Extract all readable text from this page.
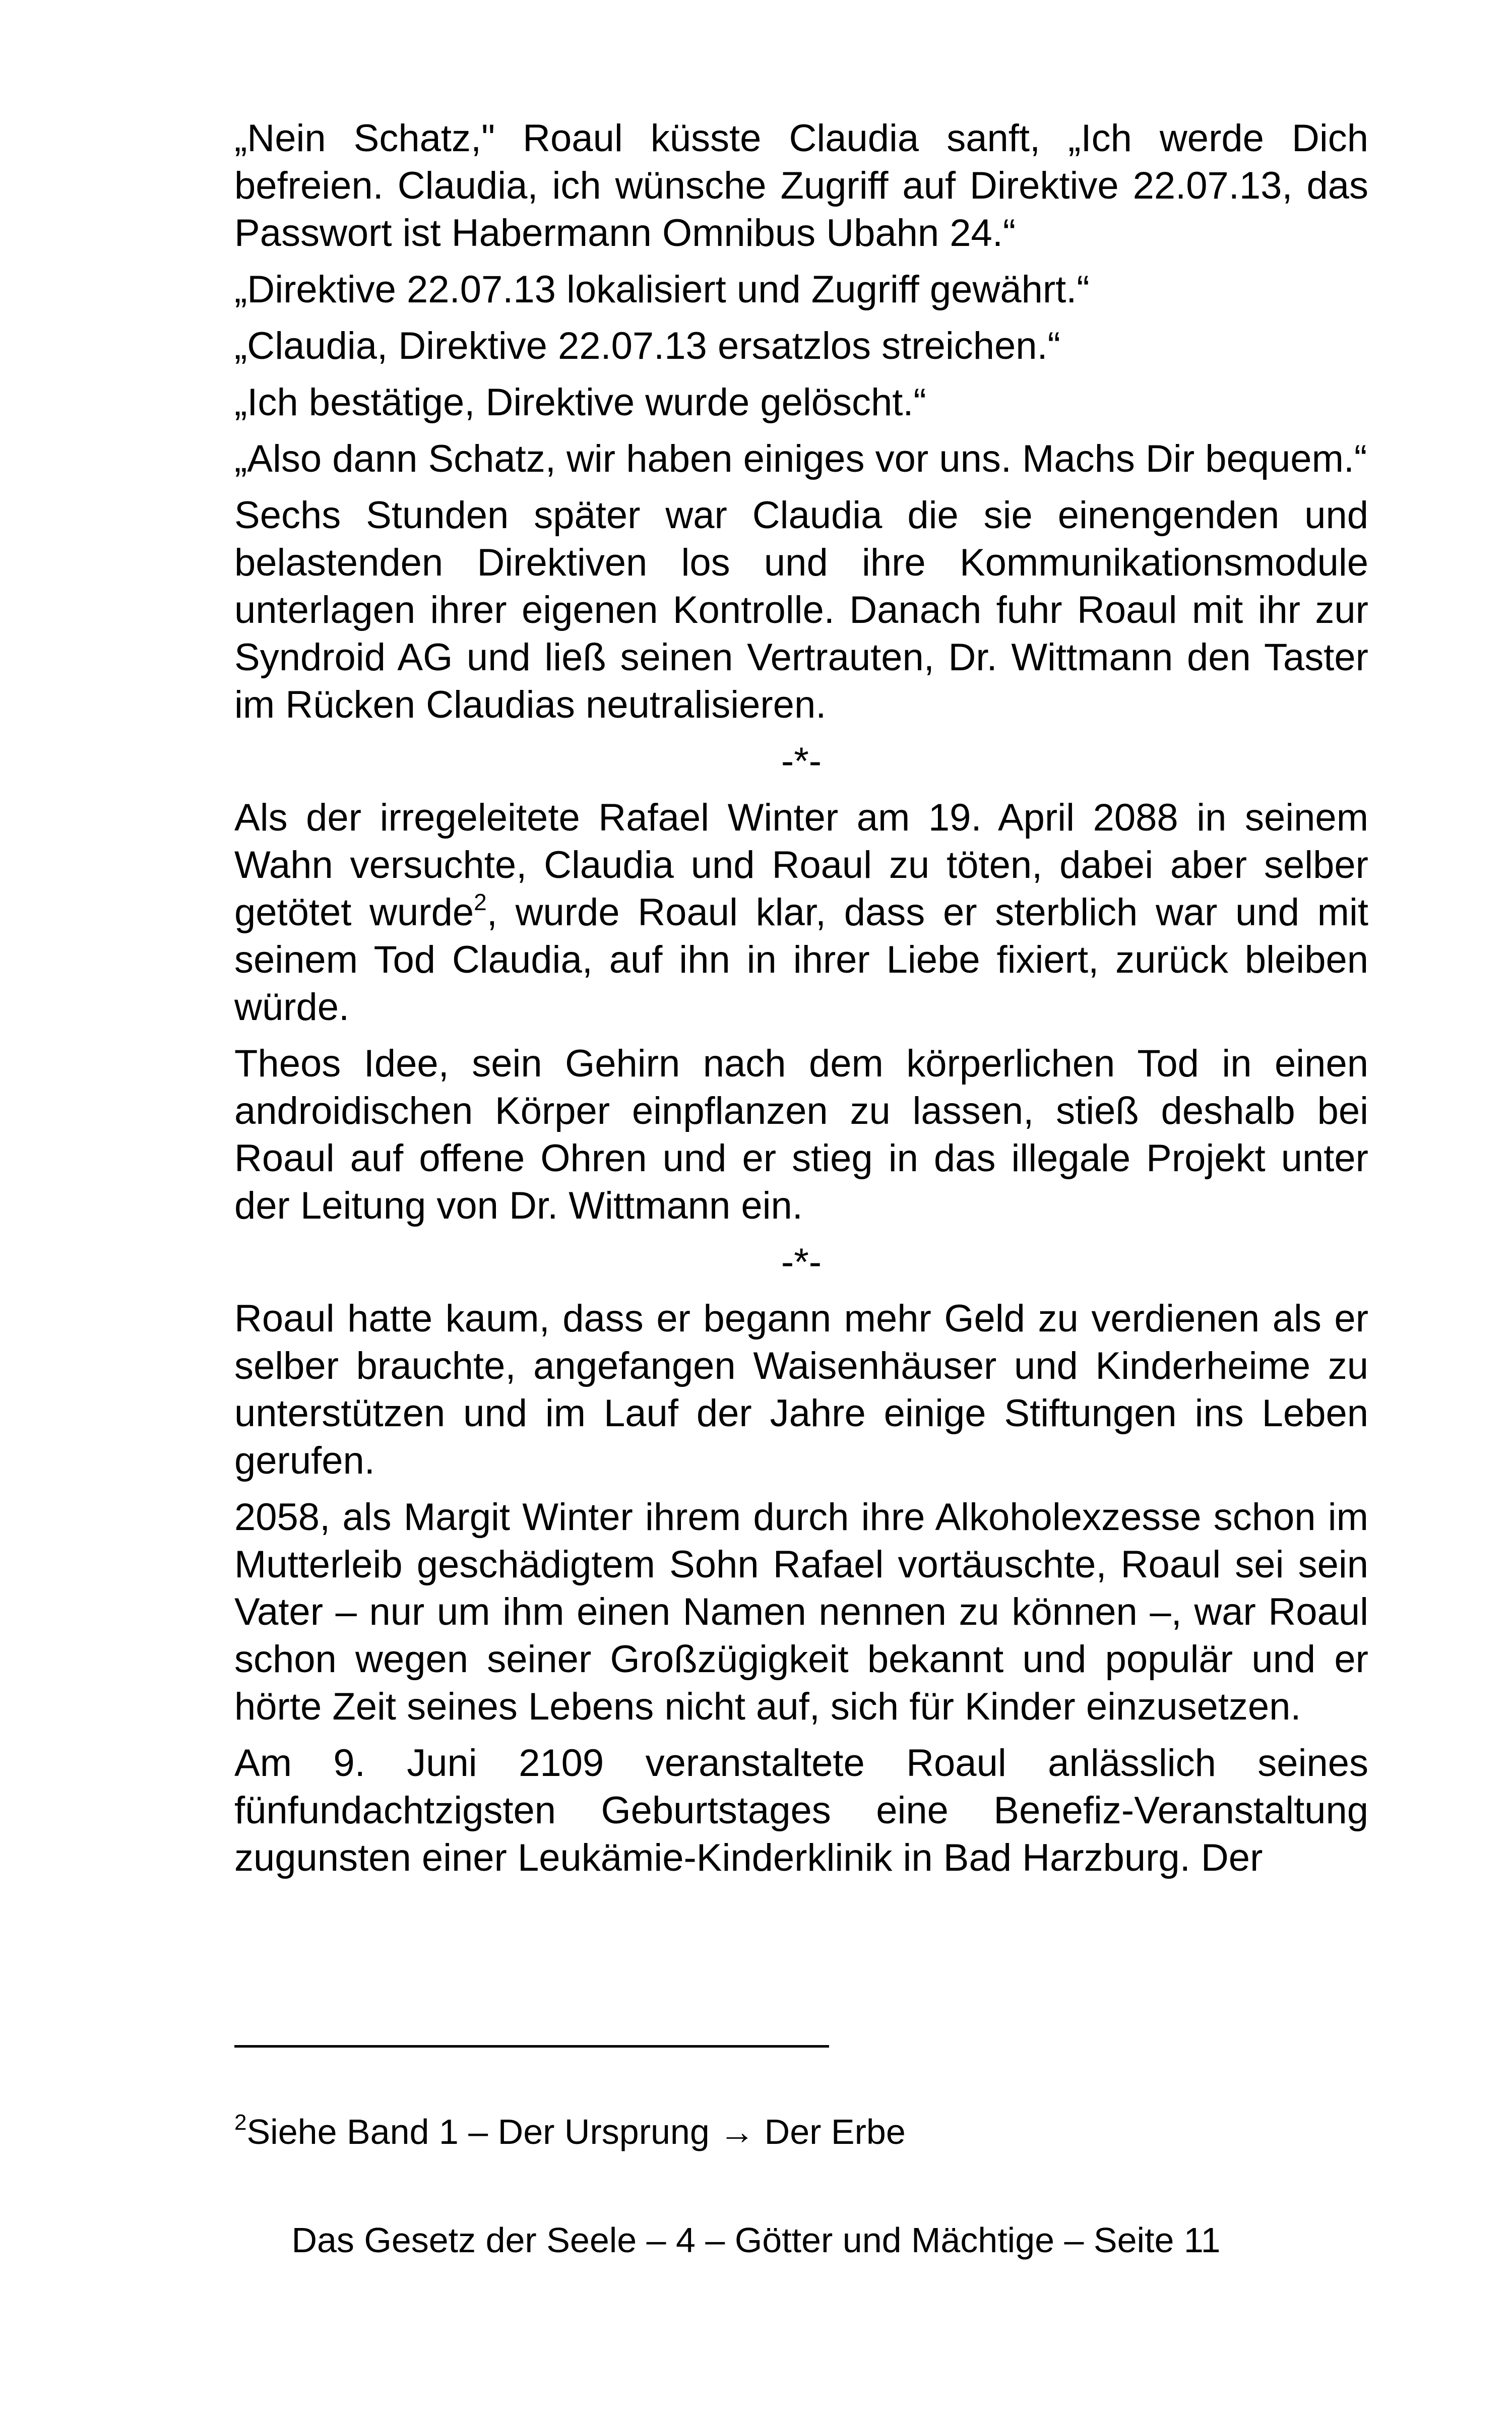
„Nein Schatz," Roaul küsste Claudia sanft, „Ich werde Dich befreien. Claudia, ich wünsche Zugriff auf Direktive 22.07.13, das Passwort ist Habermann Omnibus Ubahn 24.“

„Direktive 22.07.13 lokalisiert und Zugriff gewährt.“

„Claudia, Direktive 22.07.13 ersatzlos streichen.“

„Ich bestätige, Direktive wurde gelöscht.“

„Also dann Schatz, wir haben einiges vor uns. Machs Dir bequem.“

Sechs Stunden später war Claudia die sie einengenden und belastenden Direktiven los und ihre Kommunikationsmodule unterlagen ihrer eigenen Kontrolle. Danach fuhr Roaul mit ihr zur Syndroid AG und ließ seinen Vertrauten, Dr. Wittmann den Taster im Rücken Claudias neutralisieren.

-*-

Als der irregeleitete Rafael Winter am 19. April 2088 in seinem Wahn versuchte, Claudia und Roaul zu töten, dabei aber selber getötet wurde$^2$, wurde Roaul klar, dass er sterblich war und mit seinem Tod Claudia, auf ihn in ihrer Liebe fixiert, zurück bleiben würde.

Theos Idee, sein Gehirn nach dem körperlichen Tod in einen androidischen Körper einpflanzen zu lassen, stieß deshalb bei Roaul auf offene Ohren und er stieg in das illegale Projekt unter der Leitung von Dr. Wittmann ein.

-*-

Roaul hatte kaum, dass er begann mehr Geld zu verdienen als er selber brauchte, angefangen Waisenhäuser und Kinderheime zu unterstützen und im Lauf der Jahre einige Stiftungen ins Leben gerufen.

2058, als Margit Winter ihrem durch ihre Alkoholexzesse schon im Mutterleib geschädigtem Sohn Rafael vortäuschte, Roaul sei sein Vater – nur um ihm einen Namen nennen zu können –, war Roaul schon wegen seiner Großzügigkeit bekannt und populär und er hörte Zeit seines Lebens nicht auf, sich für Kinder einzusetzen.

Am 9. Juni 2109 veranstaltete Roaul anlässlich seines fünfundachtzigsten Geburtstages eine Benefiz-Veranstaltung zugunsten einer Leukämie-Kinderklinik in Bad Harzburg. Der

$^2$Siehe Band 1 – Der Ursprung → Der Erbe
Das Gesetz der Seele – 4 – Götter und Mächtige – Seite 11
